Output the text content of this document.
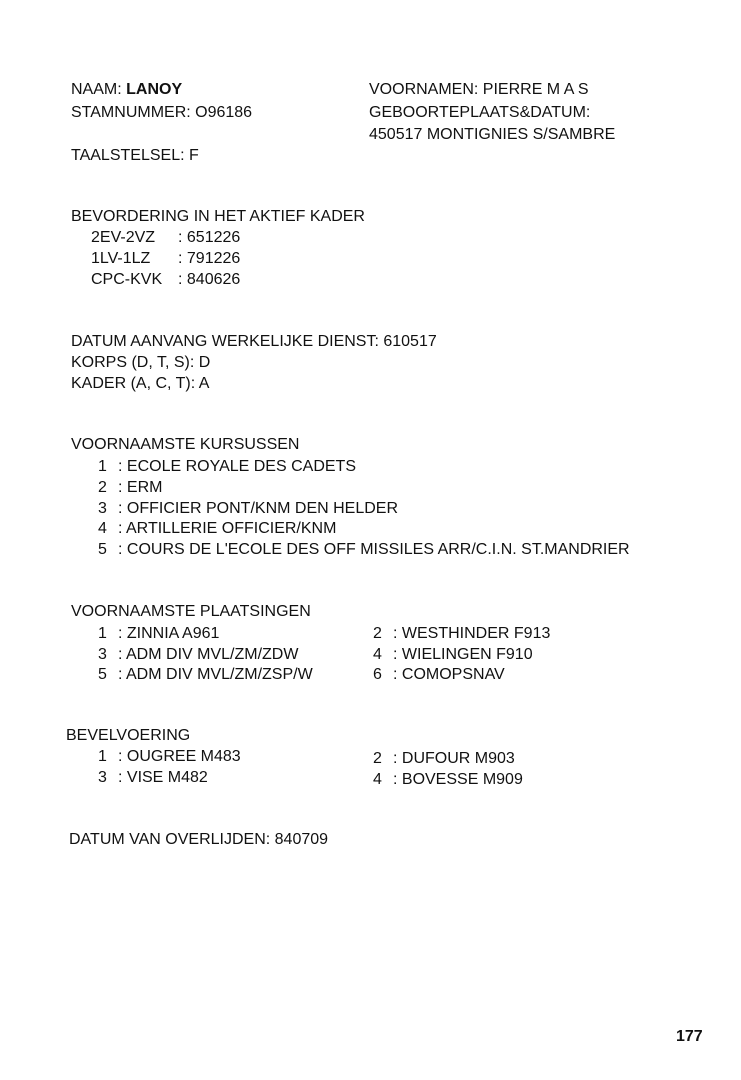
NAAM: LANOY
STAMNUMMER: O96186
TAALSTELSEL: F
VOORNAMEN: PIERRE M A S
GEBOORTEPLAATS&DATUM:
450517 MONTIGNIES S/SAMBRE
BEVORDERING IN HET AKTIEF KADER
2EV-2VZ : 651226
1LV-1LZ : 791226
CPC-KVK : 840626
DATUM AANVANG WERKELIJKE DIENST: 610517
KORPS (D, T, S): D
KADER (A, C, T): A
VOORNAAMSTE KURSUSSEN
1 : ECOLE ROYALE DES CADETS
2 : ERM
3 : OFFICIER PONT/KNM DEN HELDER
4 : ARTILLERIE OFFICIER/KNM
5 : COURS DE L'ECOLE DES OFF MISSILES ARR/C.I.N. ST.MANDRIER
VOORNAAMSTE PLAATSINGEN
1 : ZINNIA A961
3 : ADM DIV MVL/ZM/ZDW
5 : ADM DIV MVL/ZM/ZSP/W
2 : WESTHINDER F913
4 : WIELINGEN F910
6 : COMOPSNAV
BEVELVOERING
1 : OUGREE M483
3 : VISE M482
2 : DUFOUR M903
4 : BOVESSE M909
DATUM VAN OVERLIJDEN: 840709
177
